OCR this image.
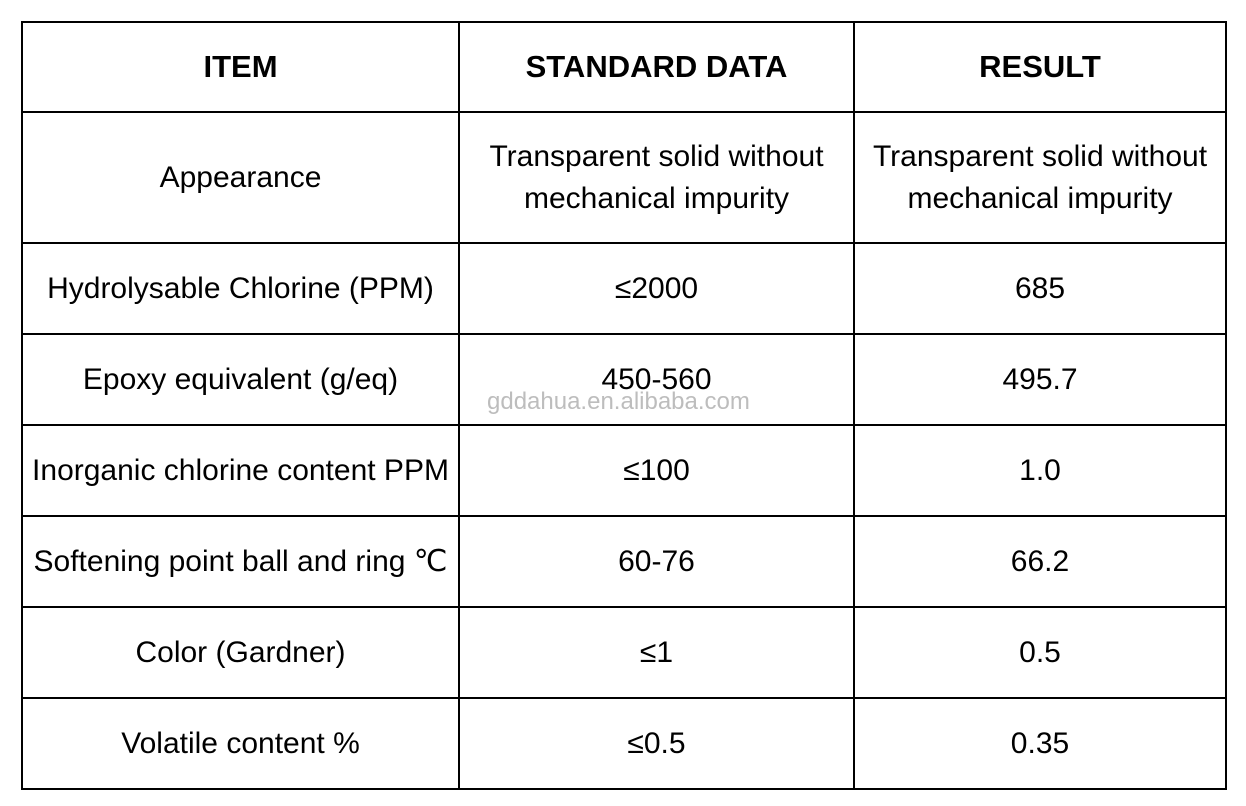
ITEM	STANDARD DATA	RESULT
Appearance	Transparent solid without mechanical impurity	Transparent solid without mechanical impurity
Hydrolysable Chlorine (PPM)	≤2000	685
Epoxy equivalent (g/eq)	450-560	495.7
Inorganic chlorine content PPM	≤100	1.0
Softening point ball and ring ℃	60-76	66.2
Color (Gardner)	≤1	0.5
Volatile content %	≤0.5	0.35
gddahua.en.alibaba.com
